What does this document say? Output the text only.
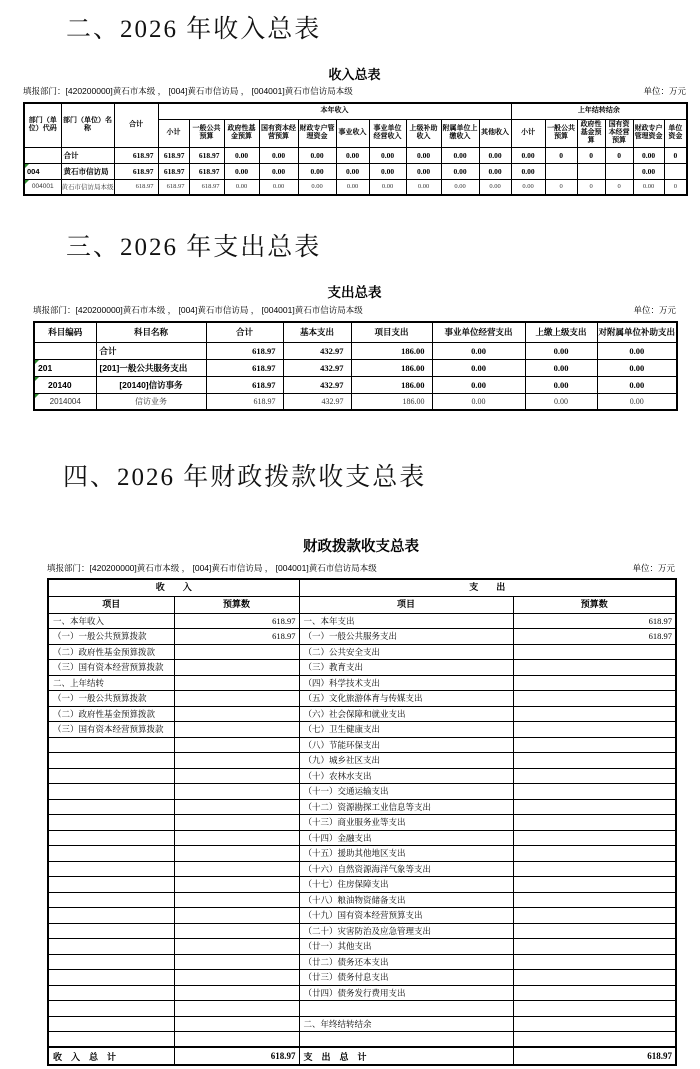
二、2026 年收入总表
收入总表
填报部门：[420200000]黄石市本级 ， [004]黄石市信访局 ， [004001]黄石市信访局本级	单位：万元
部门（单位）代码	部门（单位）名称	合计	本年收入										上年结转结余					
			小计	一般公共预算	政府性基金预算	国有资本经营预算	财政专户管理资金	事业收入	事业单位经营收入	上级补助收入	附属单位上缴收入	其他收入	小计	一般公共预算	政府性基金预算	国有资本经营预算	财政专户管理资金	单位资金
	合计	618.97	618.97	618.97	0.00	0.00	0.00	0.00	0.00	0.00	0.00	0.00	0.00	0	0	0	0.00	0
004	黄石市信访局	618.97	618.97	618.97	0.00	0.00	0.00	0.00	0.00	0.00	0.00	0.00	0.00				0.00	
004001	黄石市信访局本级	618.97	618.97	618.97	0.00	0.00	0.00	0.00	0.00	0.00	0.00	0.00	0.00	0	0	0	0.00	0
三、2026 年支出总表
支出总表
填报部门：[420200000]黄石市本级 ， [004]黄石市信访局 ， [004001]黄石市信访局本级	单位：万元
科目编码	科目名称	合计	基本支出	项目支出	事业单位经营支出	上缴上级支出	对附属单位补助支出
	合计	618.97	432.97	186.00	0.00	0.00	0.00
201	[201]一般公共服务支出	618.97	432.97	186.00	0.00	0.00	0.00
20140	[20140]信访事务	618.97	432.97	186.00	0.00	0.00	0.00
2014004	信访业务	618.97	432.97	186.00	0.00	0.00	0.00
四、2026 年财政拨款收支总表
财政拨款收支总表
填报部门：[420200000]黄石市本级 ， [004]黄石市信访局 ， [004001]黄石市信访局本级	单位：万元
收　　入		支　　出	
项目	预算数	项目	预算数
一、本年收入	618.97	一、本年支出	618.97
（一）一般公共预算拨款	618.97	（一）一般公共服务支出	618.97
（二）政府性基金预算拨款		（二）公共安全支出	
（三）国有资本经营预算拨款		（三）教育支出	
二、上年结转		（四）科学技术支出	
（一）一般公共预算拨款		（五）文化旅游体育与传媒支出	
（二）政府性基金预算拨款		（六）社会保障和就业支出	
（三）国有资本经营预算拨款		（七）卫生健康支出	
		（八）节能环保支出	
		（九）城乡社区支出	
		（十）农林水支出	
		（十一）交通运输支出	
		（十二）资源勘探工业信息等支出	
		（十三）商业服务业等支出	
		（十四）金融支出	
		（十五）援助其他地区支出	
		（十六）自然资源海洋气象等支出	
		（十七）住房保障支出	
		（十八）粮油物资储备支出	
		（十九）国有资本经营预算支出	
		（二十）灾害防治及应急管理支出	
		（廿一）其他支出	
		（廿二）债务还本支出	
		（廿三）债务付息支出	
		（廿四）债务发行费用支出	

		二、年终结转结余	

收　入　总　计	618.97	支　出　总　计	618.97
